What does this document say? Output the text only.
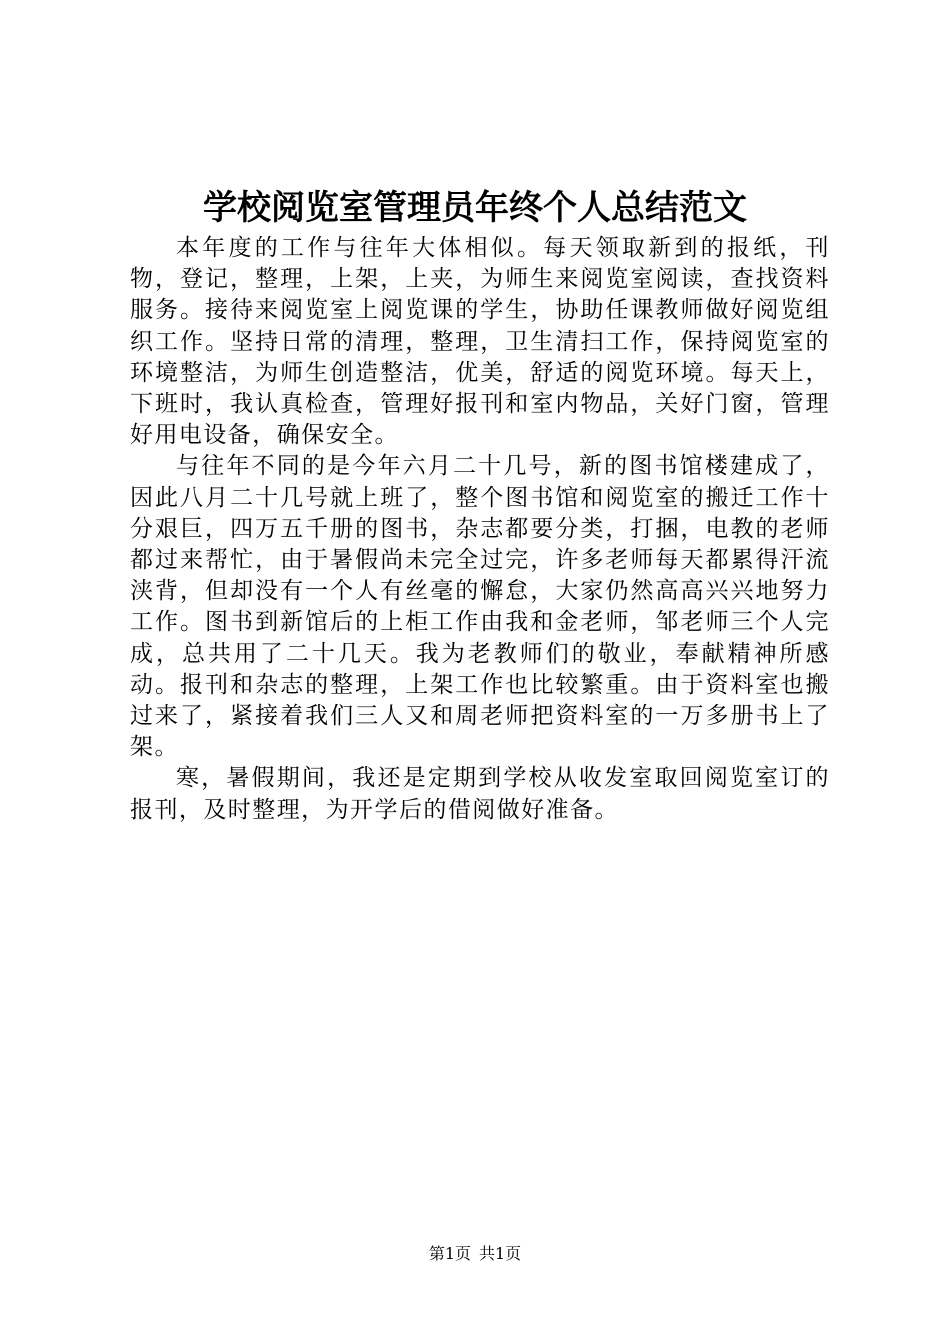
学校阅览室管理员年终个人总结范文

本年度的工作与往年大体相似。每天领取新到的报纸，刊物，登记，整理，上架，上夹，为师生来阅览室阅读，查找资料服务。接待来阅览室上阅览课的学生，协助任课教师做好阅览组织工作。坚持日常的清理，整理，卫生清扫工作，保持阅览室的环境整洁，为师生创造整洁，优美，舒适的阅览环境。每天上，下班时，我认真检查，管理好报刊和室内物品，关好门窗，管理好用电设备，确保安全。

与往年不同的是今年六月二十几号，新的图书馆楼建成了，因此八月二十几号就上班了，整个图书馆和阅览室的搬迁工作十分艰巨，四万五千册的图书，杂志都要分类，打捆，电教的老师都过来帮忙，由于暑假尚未完全过完，许多老师每天都累得汗流浃背，但却没有一个人有丝毫的懈怠，大家仍然高高兴兴地努力工作。图书到新馆后的上柜工作由我和金老师，邹老师三个人完成，总共用了二十几天。我为老教师们的敬业，奉献精神所感动。报刊和杂志的整理，上架工作也比较繁重。由于资料室也搬过来了，紧接着我们三人又和周老师把资料室的一万多册书上了架。

寒，暑假期间，我还是定期到学校从收发室取回阅览室订的报刊，及时整理，为开学后的借阅做好准备。

第1页 共1页
